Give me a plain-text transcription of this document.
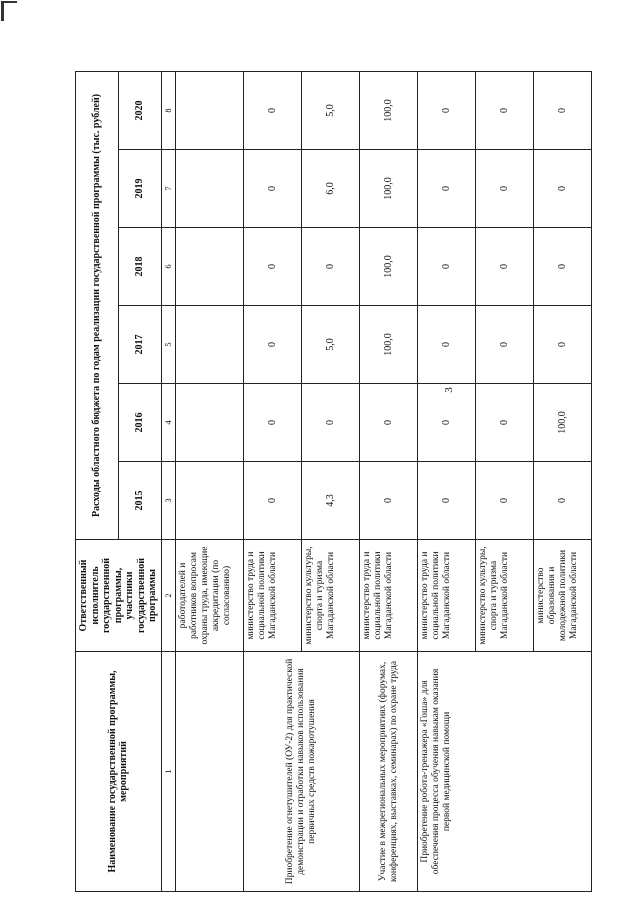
3
Наименование государственной программы, мероприятий	Ответственный исполнитель государственной программы, участники государственной программы	Расходы областного бюджета по годам реализации государственной программы (тыс. рублей)					
		2015	2016	2017	2018	2019	2020
1	2	3	4	5	6	7	8
	работодателей и работников вопросам охраны труда, имеющие аккредитации (по согласованию)						
Приобретение огнетушителей (ОУ-2) для практической демонстрации и отработки навыков использования первичных средств пожаротушения	министерство труда и социальной политики Магаданской области	0	0	0	0	0	0
	министерство культуры, спорта и туризма Магаданской области	4,3	0	5,0	0	6,0	5,0
Участие в межрегиональных мероприятиях (форумах, конференциях, выставках, семинарах) по охране труда	министерство труда и социальной политики Магаданской области	0	0	100,0	100,0	100,0	100,0
Приобретение робота-тренажера «Гоша» для обеспечения процесса обучения навыкам оказания первой медицинской помощи	министерство труда и социальной политики Магаданской области	0	0	0	0	0	0
	министерство культуры, спорта и туризма Магаданской области	0	0	0	0	0	0
	министерство образования и молодежной политики Магаданской области	0	100,0	0	0	0	0
